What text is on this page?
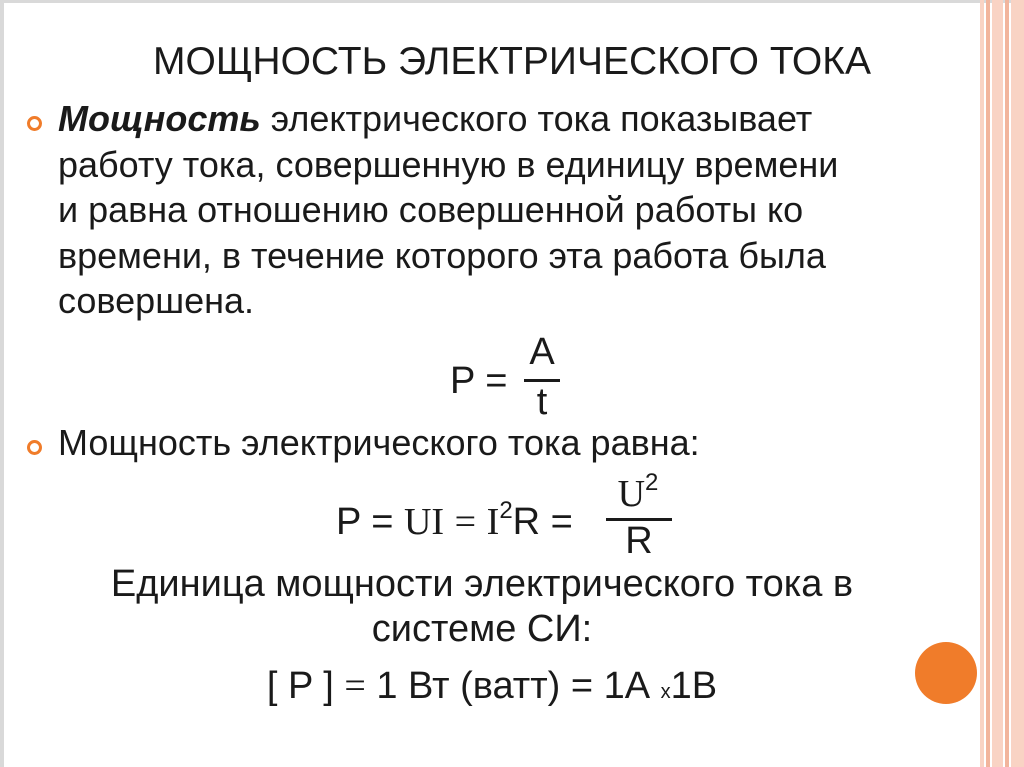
МОЩНОСТЬ ЭЛЕКТРИЧЕСКОГО ТОКА
Мощность электрического тока показывает
работу тока, совершенную в единицу времени
и равна отношению совершенной работы ко
времени, в течение которого эта работа была
совершена.
P =
A
t
Мощность электрического тока равна:
P = UI = $I^2R$ =
$U^2$
R
Единица мощности электрического тока в
системе СИ:
[ P ] = 1 Вт (ватт) = 1А х1В
